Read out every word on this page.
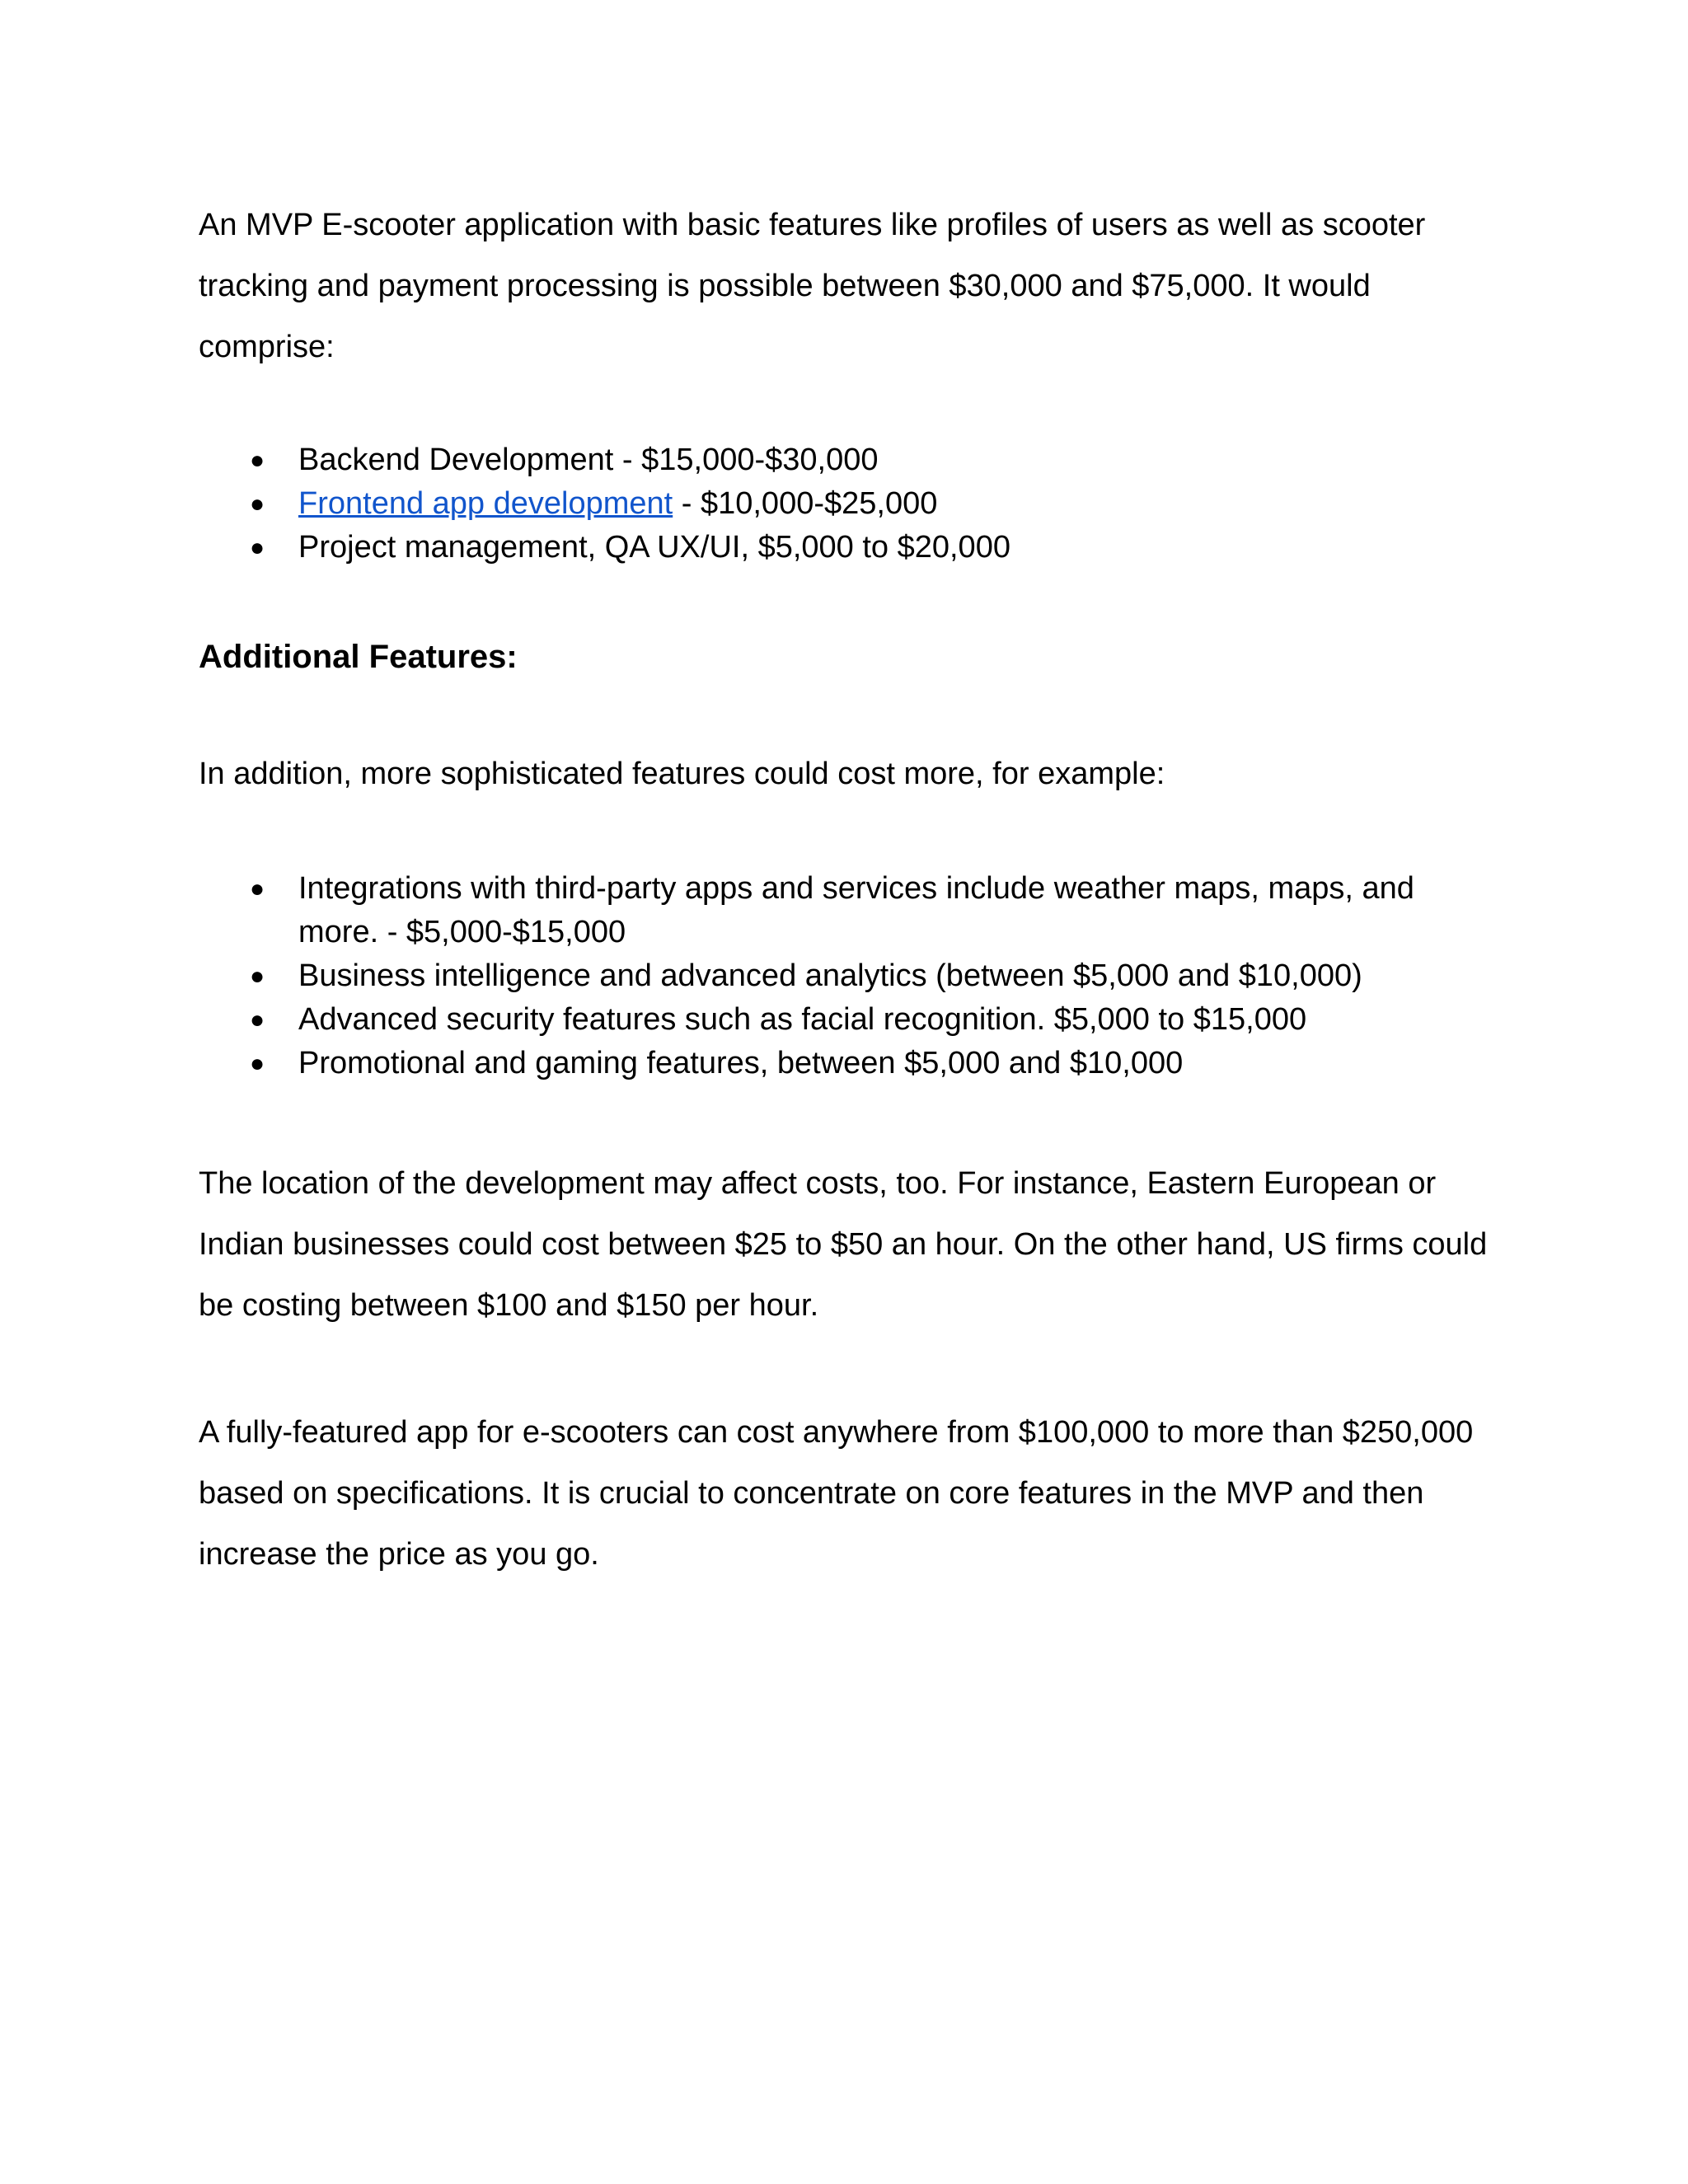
An MVP E-scooter application with basic features like profiles of users as well as scooter tracking and payment processing is possible between $30,000 and $75,000. It would comprise:

● Backend Development - $15,000-$30,000
● Frontend app development - $10,000-$25,000
● Project management, QA UX/UI, $5,000 to $20,000
Additional Features:

In addition, more sophisticated features could cost more, for example:

● Integrations with third-party apps and services include weather maps, maps, and more. - $5,000-$15,000
● Business intelligence and advanced analytics (between $5,000 and $10,000)
● Advanced security features such as facial recognition. $5,000 to $15,000
● Promotional and gaming features, between $5,000 and $10,000

The location of the development may affect costs, too. For instance, Eastern European or Indian businesses could cost between $25 to $50 an hour. On the other hand, US firms could be costing between $100 and $150 per hour.

A fully-featured app for e-scooters can cost anywhere from $100,000 to more than $250,000 based on specifications. It is crucial to concentrate on core features in the MVP and then increase the price as you go.
